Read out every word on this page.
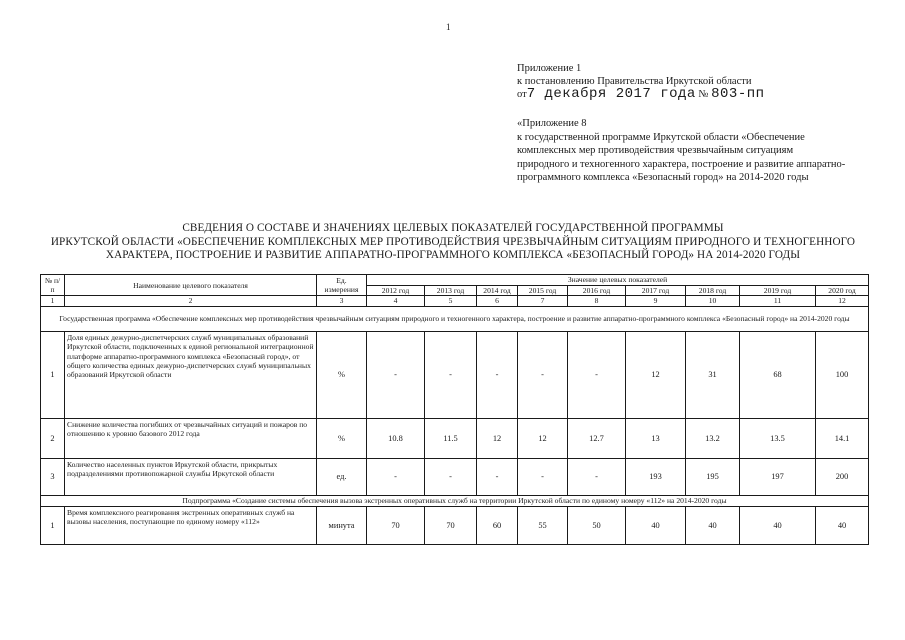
1
Приложение 1
к постановлению Правительства Иркутской области
от7 декабря 2017 года № 803-пп
«Приложение 8
к государственной программе Иркутской области «Обеспечение комплексных мер противодействия чрезвычайным ситуациям природного и техногенного характера, построение и развитие аппаратно-программного комплекса «Безопасный город» на 2014-2020 годы
СВЕДЕНИЯ О СОСТАВЕ И ЗНАЧЕНИЯХ ЦЕЛЕВЫХ ПОКАЗАТЕЛЕЙ ГОСУДАРСТВЕННОЙ ПРОГРАММЫ
ИРКУТСКОЙ ОБЛАСТИ «ОБЕСПЕЧЕНИЕ КОМПЛЕКСНЫХ МЕР ПРОТИВОДЕЙСТВИЯ ЧРЕЗВЫЧАЙНЫМ СИТУАЦИЯМ ПРИРОДНОГО И ТЕХНОГЕННОГО
ХАРАКТЕРА, ПОСТРОЕНИЕ И РАЗВИТИЕ АППАРАТНО-ПРОГРАММНОГО КОМПЛЕКСА «БЕЗОПАСНЫЙ ГОРОД» НА 2014-2020 ГОДЫ
№ п/п	Наименование целевого показателя	Ед. измерения	Значение целевых показателей								
			2012 год	2013 год	2014 год	2015 год	2016 год	2017 год	2018 год	2019 год	2020 год
1	2	3	4	5	6	7	8	9	10	11	12
Государственная программа «Обеспечение комплексных мер противодействия чрезвычайным ситуациям природного и техногенного характера, построение и развитие аппаратно-программного комплекса «Безопасный город» на 2014-2020 годы											
1	Доля единых дежурно-диспетчерских служб муниципальных образований Иркутской области, подключенных к единой региональной интеграционной платформе аппаратно-программного комплекса «Безопасный город», от общего количества единых дежурно-диспетчерских служб муниципальных образований Иркутской области	%	-	-	-	-	-	12	31	68	100
2	Снижение количества погибших от чрезвычайных ситуаций и пожаров по отношению к уровню базового 2012 года	%	10.8	11.5	12	12	12.7	13	13.2	13.5	14.1
3	Количество населенных пунктов Иркутской области, прикрытых подразделениями противопожарной службы Иркутской области	ед.	-	-	-	-	-	193	195	197	200
Подпрограмма «Создание системы обеспечения вызова экстренных оперативных служб на территории Иркутской области по единому номеру «112» на 2014-2020 годы											
1	Время комплексного реагирования экстренных оперативных служб на вызовы населения, поступающие по единому номеру «112»	минута	70	70	60	55	50	40	40	40	40
